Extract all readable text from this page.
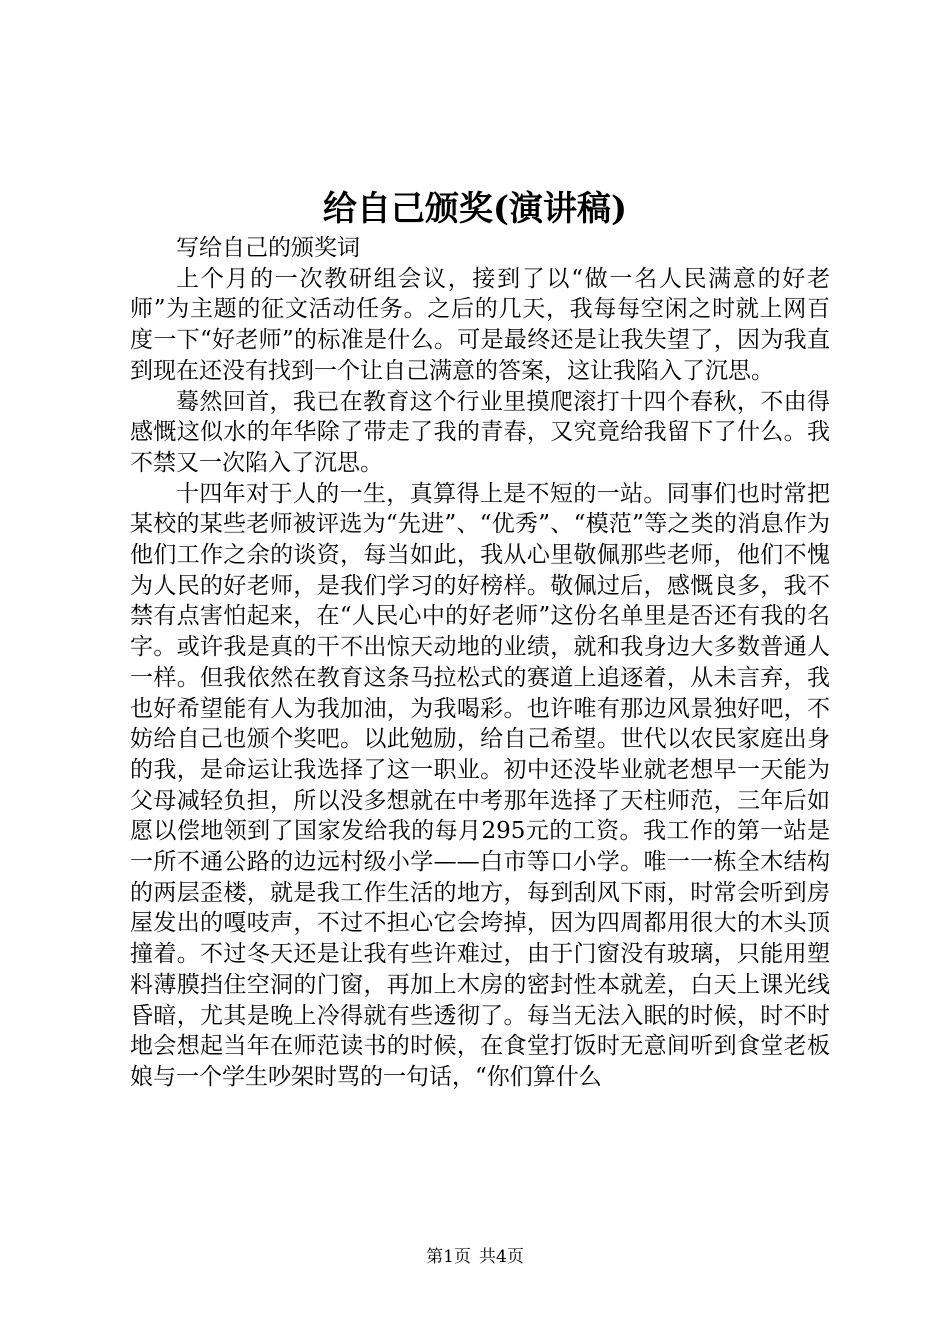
给自己颁奖(演讲稿)

写给自己的颁奖词

上个月的一次教研组会议，接到了以“做一名人民满意的好老师”为主题的征文活动任务。之后的几天，我每每空闲之时就上网百度一下“好老师”的标准是什么。可是最终还是让我失望了，因为我直到现在还没有找到一个让自己满意的答案，这让我陷入了沉思。

蓦然回首，我已在教育这个行业里摸爬滚打十四个春秋，不由得感慨这似水的年华除了带走了我的青春，又究竟给我留下了什么。我不禁又一次陷入了沉思。

十四年对于人的一生，真算得上是不短的一站。同事们也时常把某校的某些老师被评选为“先进”、“优秀”、“模范”等之类的消息作为他们工作之余的谈资，每当如此，我从心里敬佩那些老师，他们不愧为人民的好老师，是我们学习的好榜样。敬佩过后，感慨良多，我不禁有点害怕起来，在“人民心中的好老师”这份名单里是否还有我的名字。或许我是真的干不出惊天动地的业绩，就和我身边大多数普通人一样。但我依然在教育这条马拉松式的赛道上追逐着，从未言弃，我也好希望能有人为我加油，为我喝彩。也许唯有那边风景独好吧，不妨给自己也颁个奖吧。以此勉励，给自己希望。世代以农民家庭出身的我，是命运让我选择了这一职业。初中还没毕业就老想早一天能为父母减轻负担，所以没多想就在中考那年选择了天柱师范，三年后如愿以偿地领到了国家发给我的每月295元的工资。我工作的第一站是一所不通公路的边远村级小学——白市等口小学。唯一一栋全木结构的两层歪楼，就是我工作生活的地方，每到刮风下雨，时常会听到房屋发出的嘎吱声，不过不担心它会垮掉，因为四周都用很大的木头顶撞着。不过冬天还是让我有些许难过，由于门窗没有玻璃，只能用塑料薄膜挡住空洞的门窗，再加上木房的密封性本就差，白天上课光线昏暗，尤其是晚上冷得就有些透彻了。每当无法入眠的时候，时不时地会想起当年在师范读书的时候，在食堂打饭时无意间听到食堂老板娘与一个学生吵架时骂的一句话，“你们算什么

第1页 共4页
